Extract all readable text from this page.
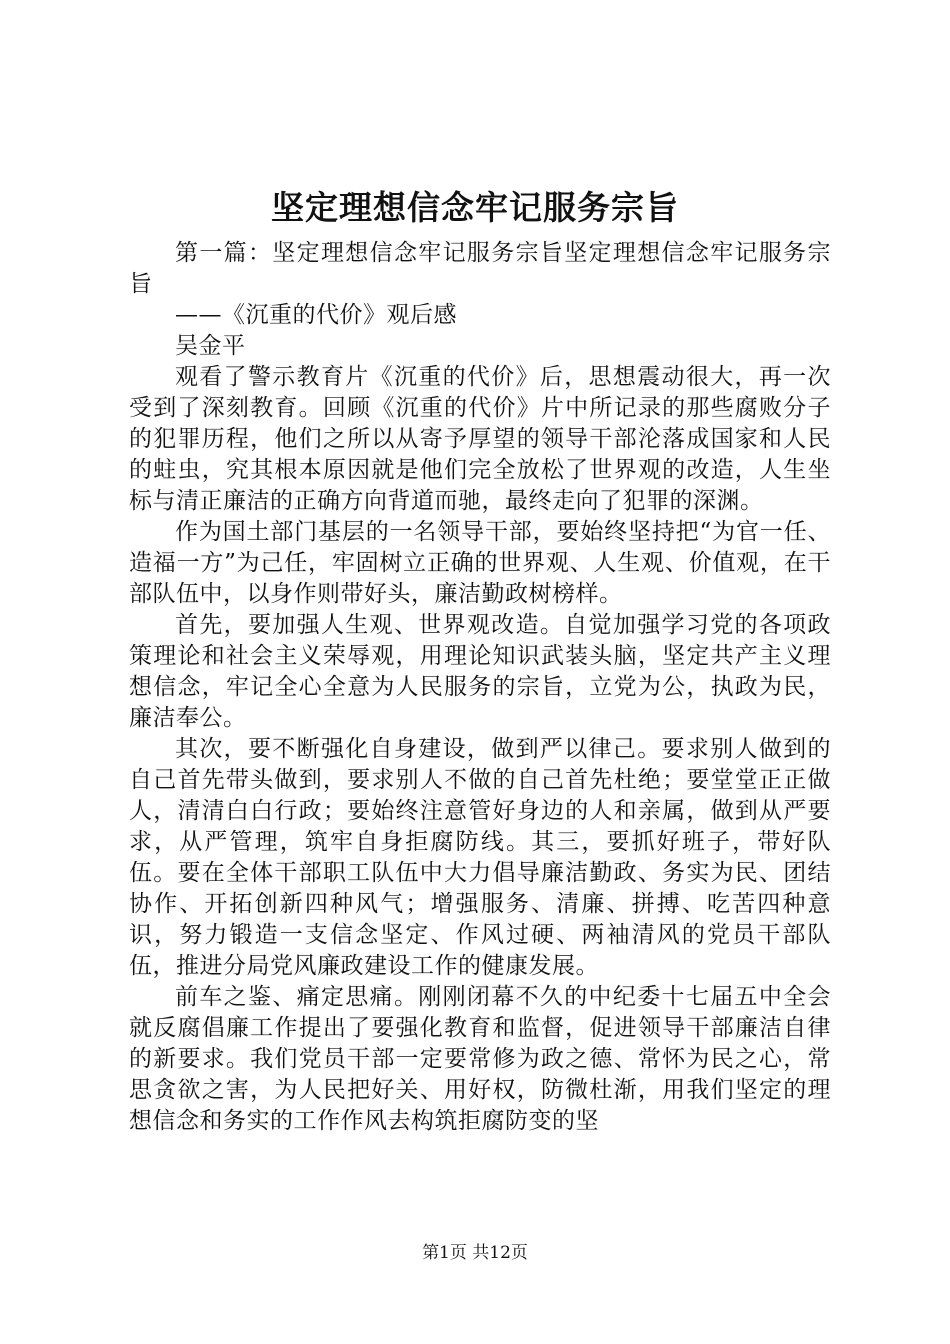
坚定理想信念牢记服务宗旨

第一篇：坚定理想信念牢记服务宗旨坚定理想信念牢记服务宗旨

——《沉重的代价》观后感

吴金平

观看了警示教育片《沉重的代价》后，思想震动很大，再一次受到了深刻教育。回顾《沉重的代价》片中所记录的那些腐败分子的犯罪历程，他们之所以从寄予厚望的领导干部沦落成国家和人民的蛀虫，究其根本原因就是他们完全放松了世界观的改造，人生坐标与清正廉洁的正确方向背道而驰，最终走向了犯罪的深渊。

作为国土部门基层的一名领导干部，要始终坚持把“为官一任、造福一方”为己任，牢固树立正确的世界观、人生观、价值观，在干部队伍中，以身作则带好头，廉洁勤政树榜样。

首先，要加强人生观、世界观改造。自觉加强学习党的各项政策理论和社会主义荣辱观，用理论知识武装头脑，坚定共产主义理想信念，牢记全心全意为人民服务的宗旨，立党为公，执政为民，廉洁奉公。

其次，要不断强化自身建设，做到严以律己。要求别人做到的自己首先带头做到，要求别人不做的自己首先杜绝；要堂堂正正做人，清清白白行政；要始终注意管好身边的人和亲属，做到从严要求，从严管理，筑牢自身拒腐防线。其三，要抓好班子，带好队伍。要在全体干部职工队伍中大力倡导廉洁勤政、务实为民、团结协作、开拓创新四种风气；增强服务、清廉、拼搏、吃苦四种意识，努力锻造一支信念坚定、作风过硬、两袖清风的党员干部队伍，推进分局党风廉政建设工作的健康发展。

前车之鉴、痛定思痛。刚刚闭幕不久的中纪委十七届五中全会就反腐倡廉工作提出了要强化教育和监督，促进领导干部廉洁自律的新要求。我们党员干部一定要常修为政之德、常怀为民之心，常思贪欲之害，为人民把好关、用好权，防微杜渐，用我们坚定的理想信念和务实的工作作风去构筑拒腐防变的坚

第1页 共12页
